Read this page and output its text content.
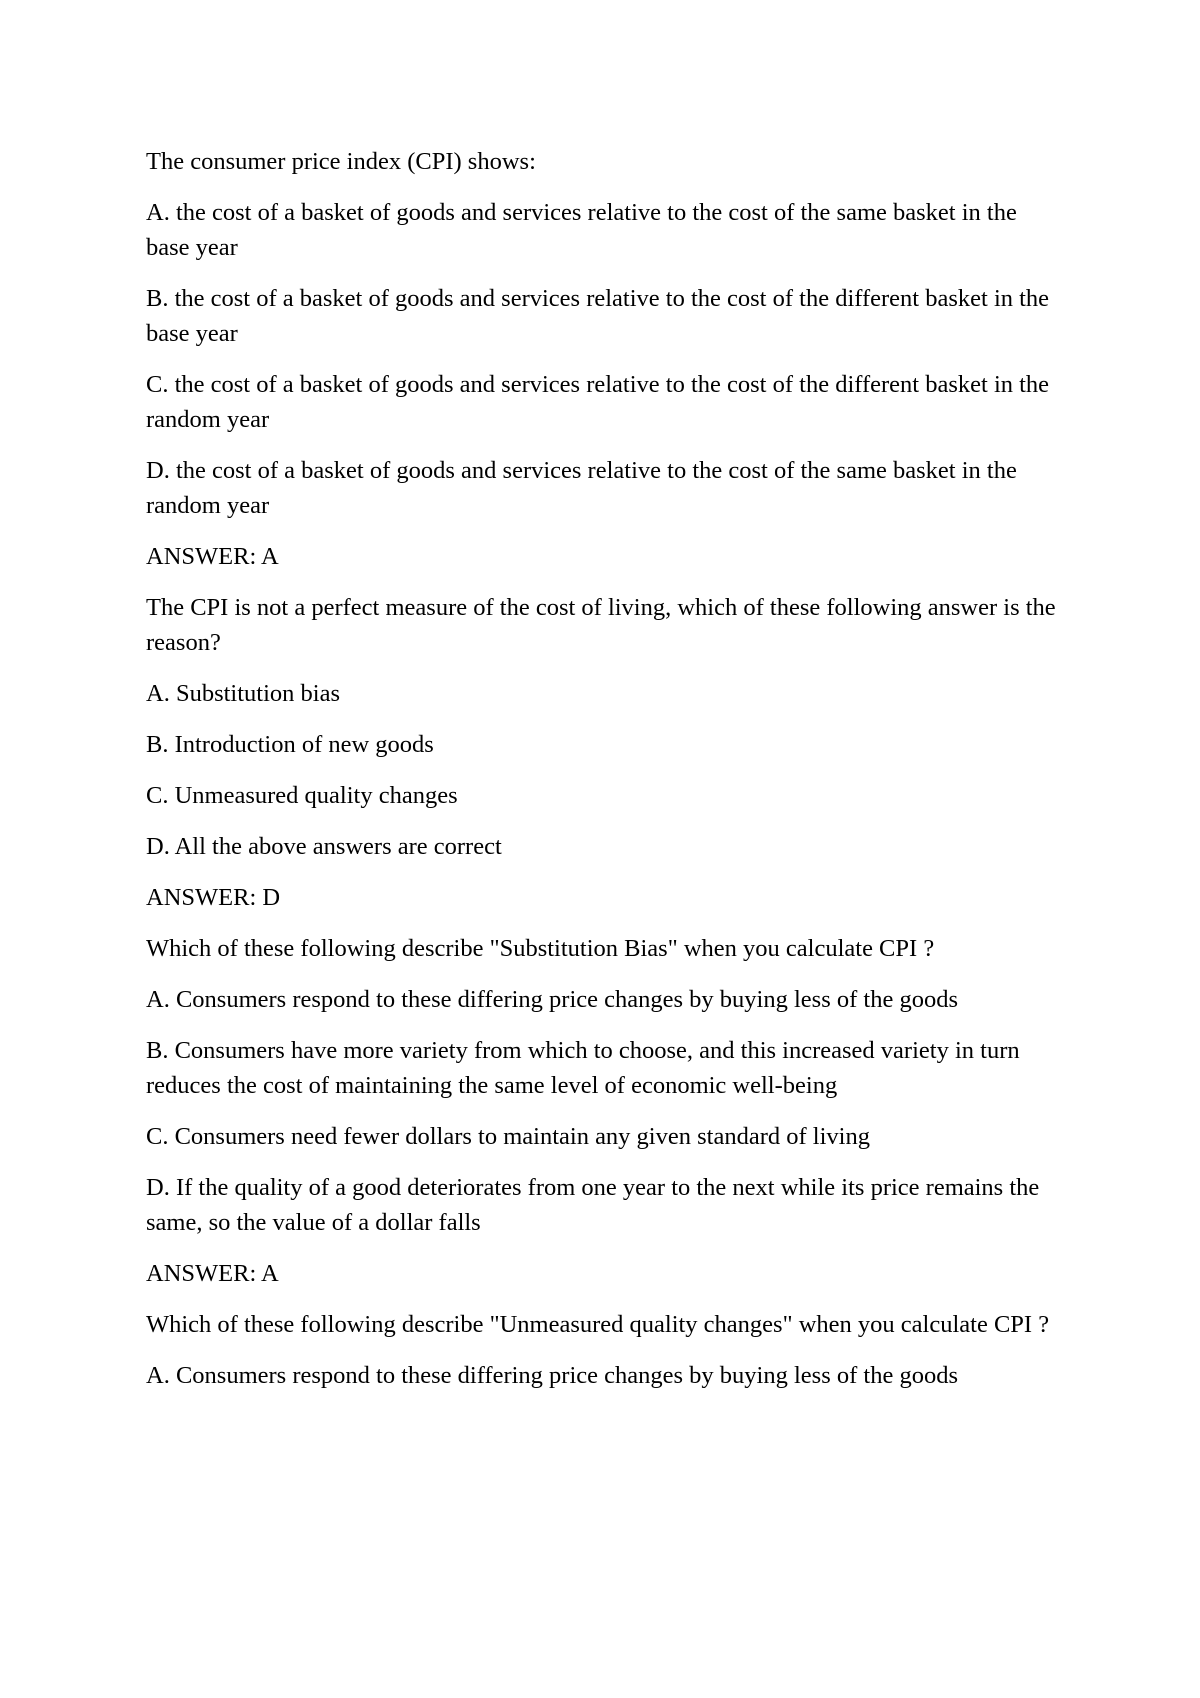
The consumer price index (CPI) shows:

A. the cost of a basket of goods and services relative to the cost of the same basket in the base year

B. the cost of a basket of goods and services relative to the cost of the different basket in the base year

C. the cost of a basket of goods and services relative to the cost of the different basket in the random year

D. the cost of a basket of goods and services relative to the cost of the same basket in the random year

ANSWER: A

The CPI is not a perfect measure of the cost of living, which of these following answer is the reason?

A. Substitution bias

B. Introduction of new goods

C. Unmeasured quality changes

D. All the above answers are correct

ANSWER: D

Which of these following describe "Substitution Bias" when you calculate CPI ?

A. Consumers respond to these differing price changes by buying less of the goods

B. Consumers have more variety from which to choose, and this increased variety in turn reduces the cost of maintaining the same level of economic well-being

C. Consumers need fewer dollars to maintain any given standard of living

D. If the quality of a good deteriorates from one year to the next while its price remains the same, so the value of a dollar falls

ANSWER: A

Which of these following describe "Unmeasured quality changes" when you calculate CPI ?

A. Consumers respond to these differing price changes by buying less of the goods
